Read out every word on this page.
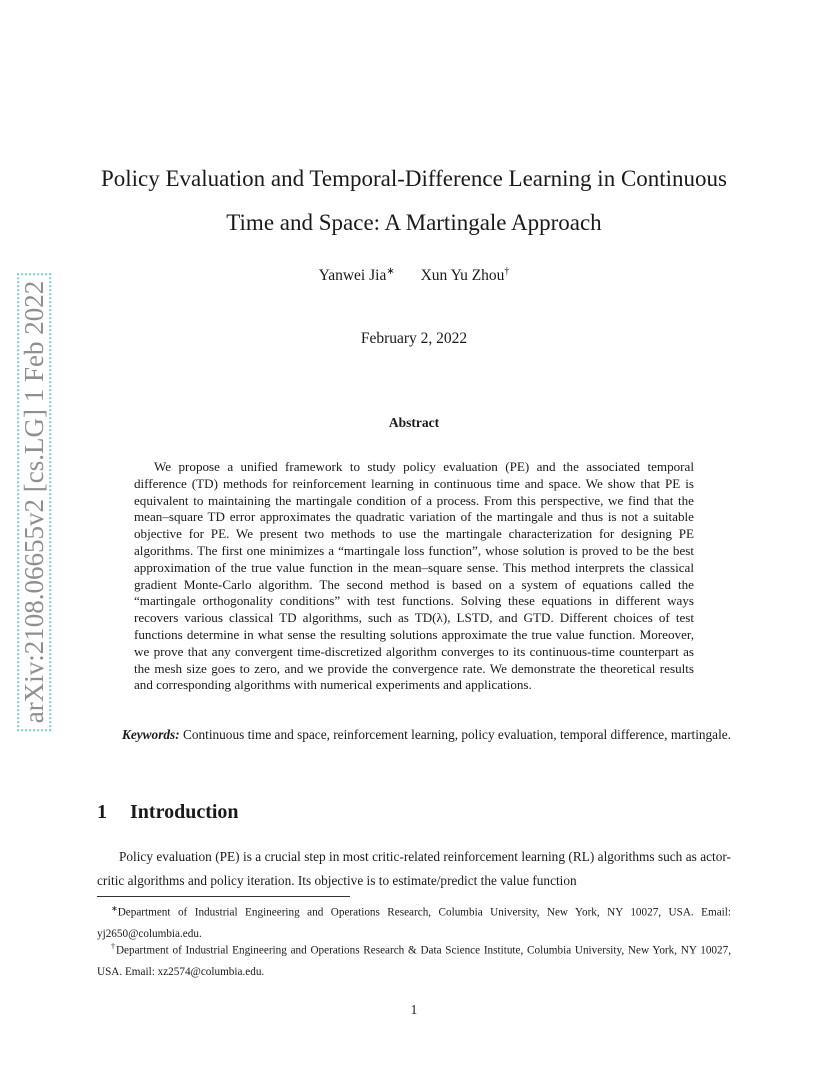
arXiv:2108.06655v2 [cs.LG] 1 Feb 2022
Policy Evaluation and Temporal-Difference Learning in Continuous
Time and Space: A Martingale Approach
Yanwei Jia∗ Xun Yu Zhou†
February 2, 2022
Abstract

We propose a unified framework to study policy evaluation (PE) and the associated temporal difference (TD) methods for reinforcement learning in continuous time and space. We show that PE is equivalent to maintaining the martingale condition of a process. From this perspective, we find that the mean–square TD error approximates the quadratic variation of the martingale and thus is not a suitable objective for PE. We present two methods to use the martingale characterization for designing PE algorithms. The first one minimizes a “martingale loss function”, whose solution is proved to be the best approximation of the true value function in the mean–square sense. This method interprets the classical gradient Monte-Carlo algorithm. The second method is based on a system of equations called the “martingale orthogonality conditions” with test functions. Solving these equations in different ways recovers various classical TD algorithms, such as TD(λ), LSTD, and GTD. Different choices of test functions determine in what sense the resulting solutions approximate the true value function. Moreover, we prove that any convergent time-discretized algorithm converges to its continuous-time counterpart as the mesh size goes to zero, and we provide the convergence rate. We demonstrate the theoretical results and corresponding algorithms with numerical experiments and applications.

Keywords: Continuous time and space, reinforcement learning, policy evaluation, temporal difference, martingale.

1 Introduction

Policy evaluation (PE) is a crucial step in most critic-related reinforcement learning (RL) algorithms such as actor-critic algorithms and policy iteration. Its objective is to estimate/predict the value function

∗Department of Industrial Engineering and Operations Research, Columbia University, New York, NY 10027, USA. Email: yj2650@columbia.edu.

†Department of Industrial Engineering and Operations Research & Data Science Institute, Columbia University, New York, NY 10027, USA. Email: xz2574@columbia.edu.

1
